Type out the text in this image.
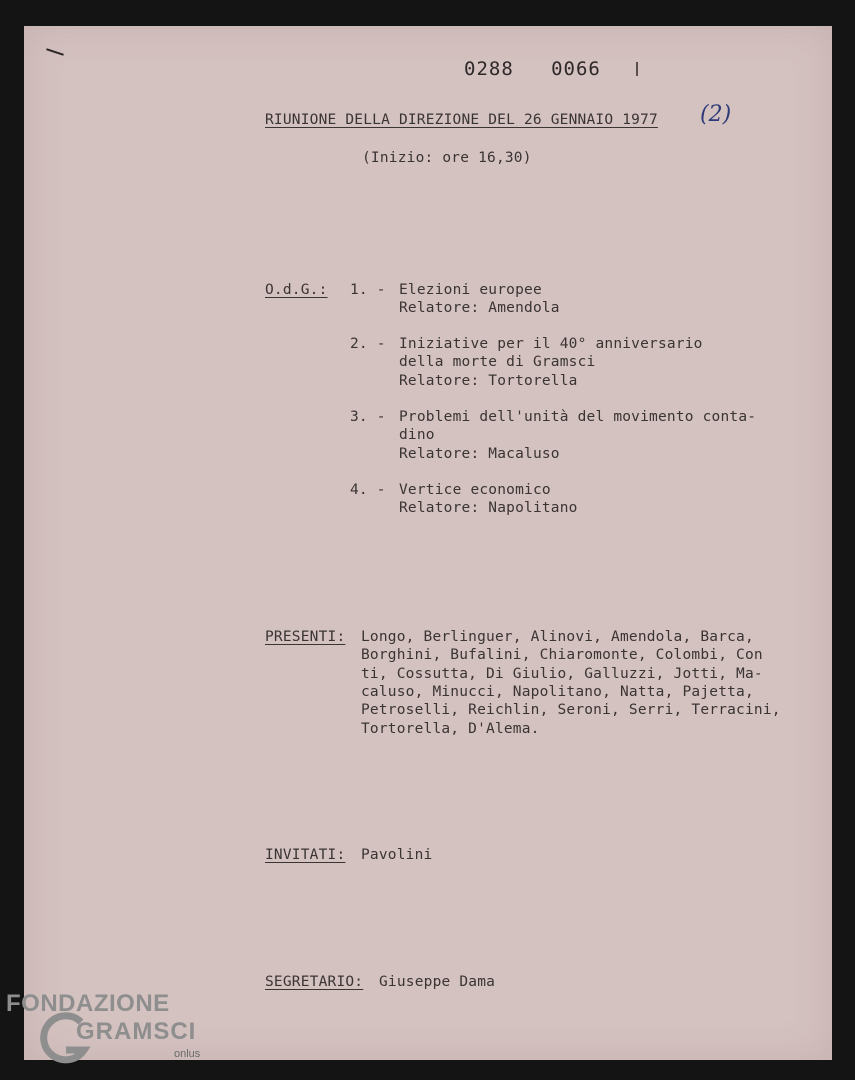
0288   0066
RIUNIONE DELLA DIREZIONE DEL 26 GENNAIO 1977 (2)
(Inizio: ore 16,30)
O.d.G.: 1. - Elezioni europee
Relatore: Amendola
2. - Iniziative per il 40° anniversario
della morte di Gramsci
Relatore: Tortorella
3. - Problemi dell'unità del movimento conta-
dino
Relatore: Macaluso
4. - Vertice economico
Relatore: Napolitano
PRESENTI: Longo, Berlinguer, Alinovi, Amendola, Barca,
Borghini, Bufalini, Chiaromonte, Colombi, Con
ti, Cossutta, Di Giulio, Galluzzi, Jotti, Ma-
caluso, Minucci, Napolitano, Natta, Pajetta,
Petroselli, Reichlin, Seroni, Serri, Terracini,
Tortorella, D'Alema.
INVITATI: Pavolini
SEGRETARIO: Giuseppe Dama
FONDAZIONE
GRAMSCI
onlus
